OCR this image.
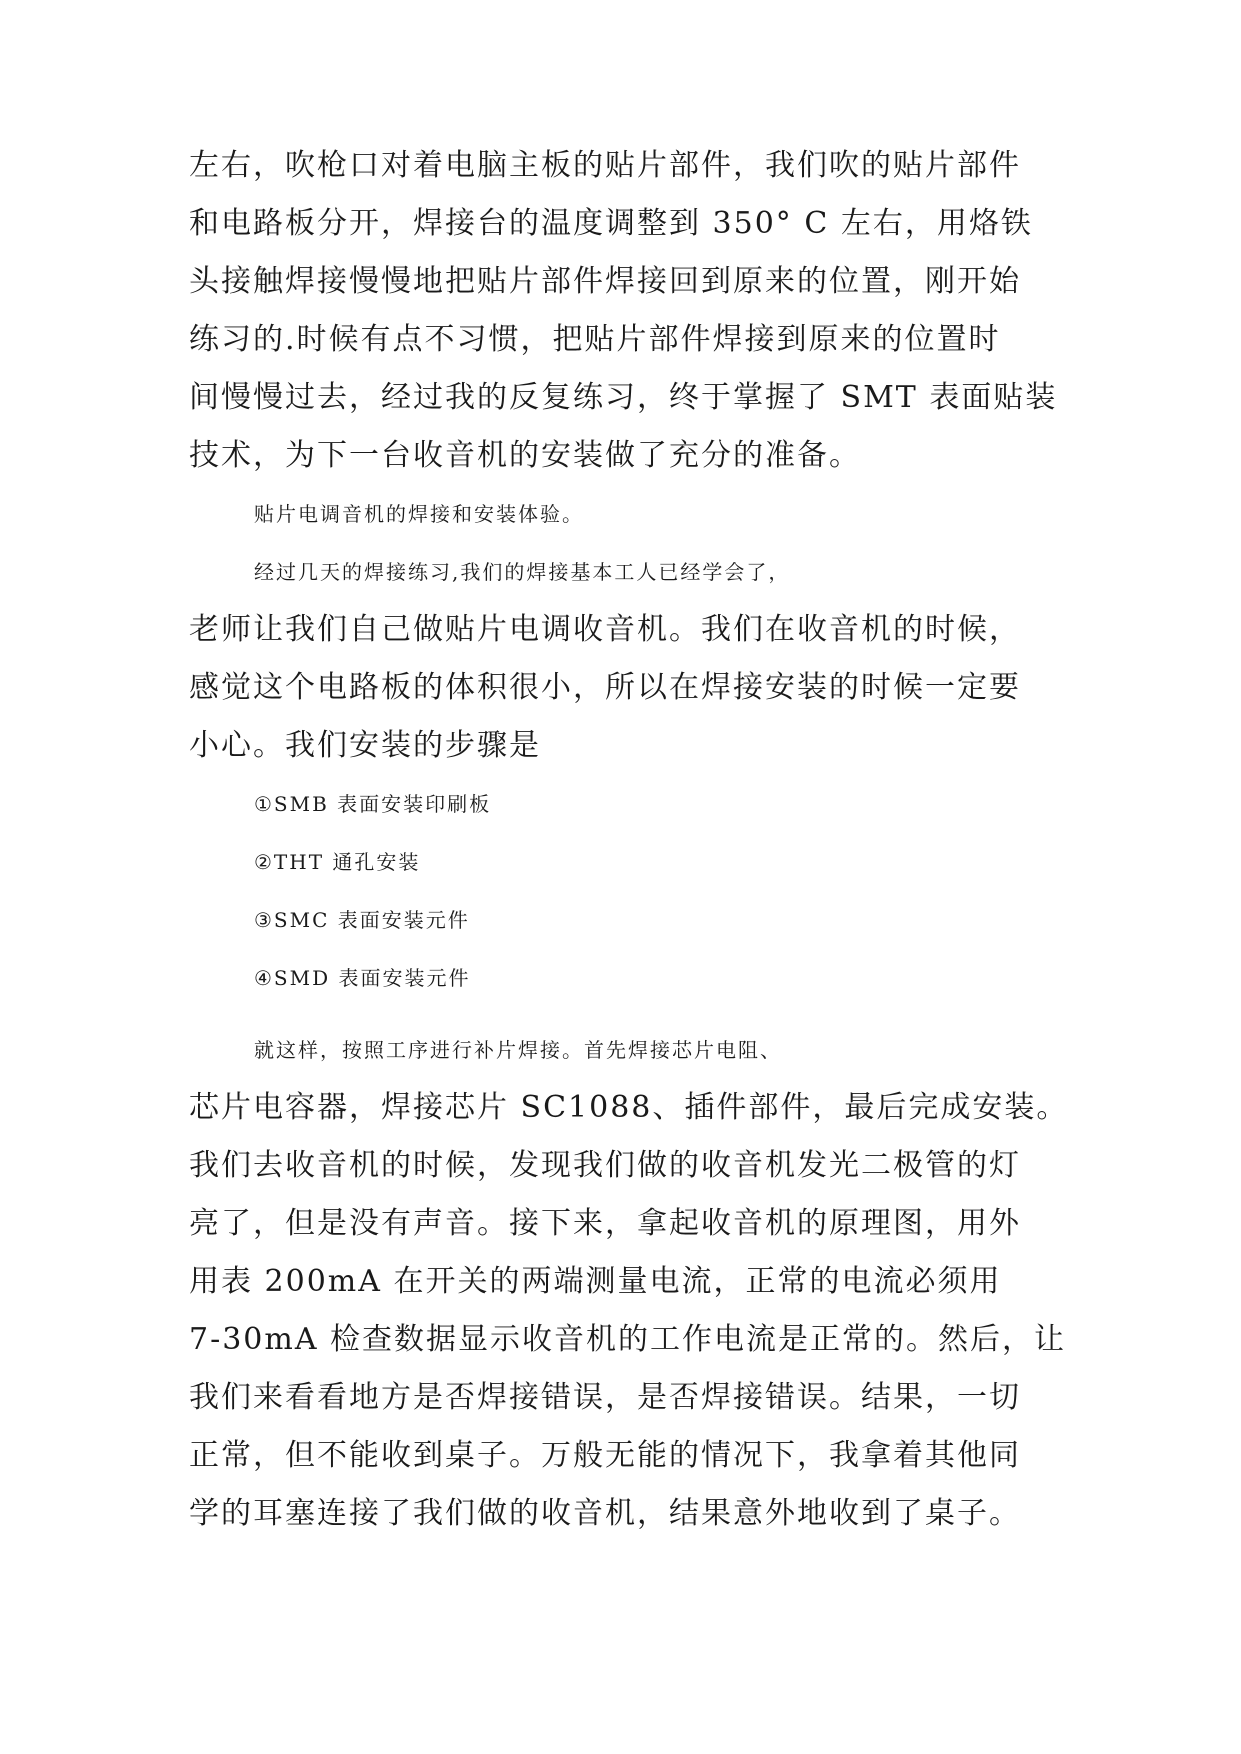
左右，吹枪口对着电脑主板的贴片部件，我们吹的贴片部件
和电路板分开，焊接台的温度调整到 350° C 左右，用烙铁
头接触焊接慢慢地把贴片部件焊接回到原来的位置，刚开始
练习的.时候有点不习惯，把贴片部件焊接到原来的位置时
间慢慢过去，经过我的反复练习，终于掌握了 SMT 表面贴装
技术，为下一台收音机的安装做了充分的准备。
贴片电调音机的焊接和安装体验。
经过几天的焊接练习,我们的焊接基本工人已经学会了，
老师让我们自己做贴片电调收音机。我们在收音机的时候，
感觉这个电路板的体积很小，所以在焊接安装的时候一定要
小心。我们安装的步骤是
①SMB 表面安装印刷板
②THT 通孔安装
③SMC 表面安装元件
④SMD 表面安装元件
就这样，按照工序进行补片焊接。首先焊接芯片电阻、
芯片电容器，焊接芯片 SC1088、插件部件，最后完成安装。
我们去收音机的时候，发现我们做的收音机发光二极管的灯
亮了，但是没有声音。接下来，拿起收音机的原理图，用外
用表 200mA 在开关的两端测量电流，正常的电流必须用
7-30mA 检查数据显示收音机的工作电流是正常的。然后，让
我们来看看地方是否焊接错误，是否焊接错误。结果，一切
正常，但不能收到桌子。万般无能的情况下，我拿着其他同
学的耳塞连接了我们做的收音机，结果意外地收到了桌子。
